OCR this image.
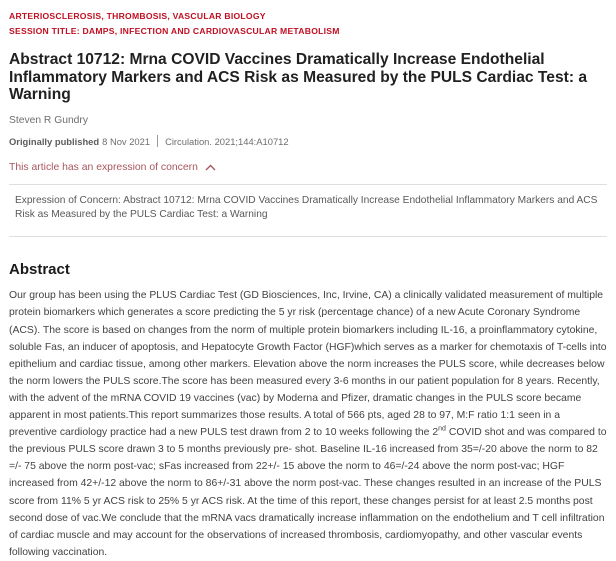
ARTERIOSCLEROSIS, THROMBOSIS, VASCULAR BIOLOGY
SESSION TITLE: DAMPS, INFECTION AND CARDIOVASCULAR METABOLISM
Abstract 10712: Mrna COVID Vaccines Dramatically Increase Endothelial Inflammatory Markers and ACS Risk as Measured by the PULS Cardiac Test: a Warning
Steven R Gundry
Originally published 8 Nov 2021 Circulation. 2021;144:A10712
This article has an expression of concern

Expression of Concern: Abstract 10712: Mrna COVID Vaccines Dramatically Increase Endothelial Inflammatory Markers and ACS Risk as Measured by the PULS Cardiac Test: a Warning

Abstract

Our group has been using the PLUS Cardiac Test (GD Biosciences, Inc, Irvine, CA) a clinically validated measurement of multiple protein biomarkers which generates a score predicting the 5 yr risk (percentage chance) of a new Acute Coronary Syndrome (ACS). The score is based on changes from the norm of multiple protein biomarkers including IL-16, a proinflammatory cytokine, soluble Fas, an inducer of apoptosis, and Hepatocyte Growth Factor (HGF)which serves as a marker for chemotaxis of T-cells into epithelium and cardiac tissue, among other markers. Elevation above the norm increases the PULS score, while decreases below the norm lowers the PULS score.The score has been measured every 3-6 months in our patient population for 8 years. Recently, with the advent of the mRNA COVID 19 vaccines (vac) by Moderna and Pfizer, dramatic changes in the PULS score became apparent in most patients.This report summarizes those results. A total of 566 pts, aged 28 to 97, M:F ratio 1:1 seen in a preventive cardiology practice had a new PULS test drawn from 2 to 10 weeks following the 2nd COVID shot and was compared to the previous PULS score drawn 3 to 5 months previously pre- shot. Baseline IL-16 increased from 35=/-20 above the norm to 82 =/- 75 above the norm post-vac; sFas increased from 22+/- 15 above the norm to 46=/-24 above the norm post-vac; HGF increased from 42+/-12 above the norm to 86+/-31 above the norm post-vac. These changes resulted in an increase of the PULS score from 11% 5 yr ACS risk to 25% 5 yr ACS risk. At the time of this report, these changes persist for at least 2.5 months post second dose of vac.We conclude that the mRNA vacs dramatically increase inflammation on the endothelium and T cell infiltration of cardiac muscle and may account for the observations of increased thrombosis, cardiomyopathy, and other vascular events following vaccination.
